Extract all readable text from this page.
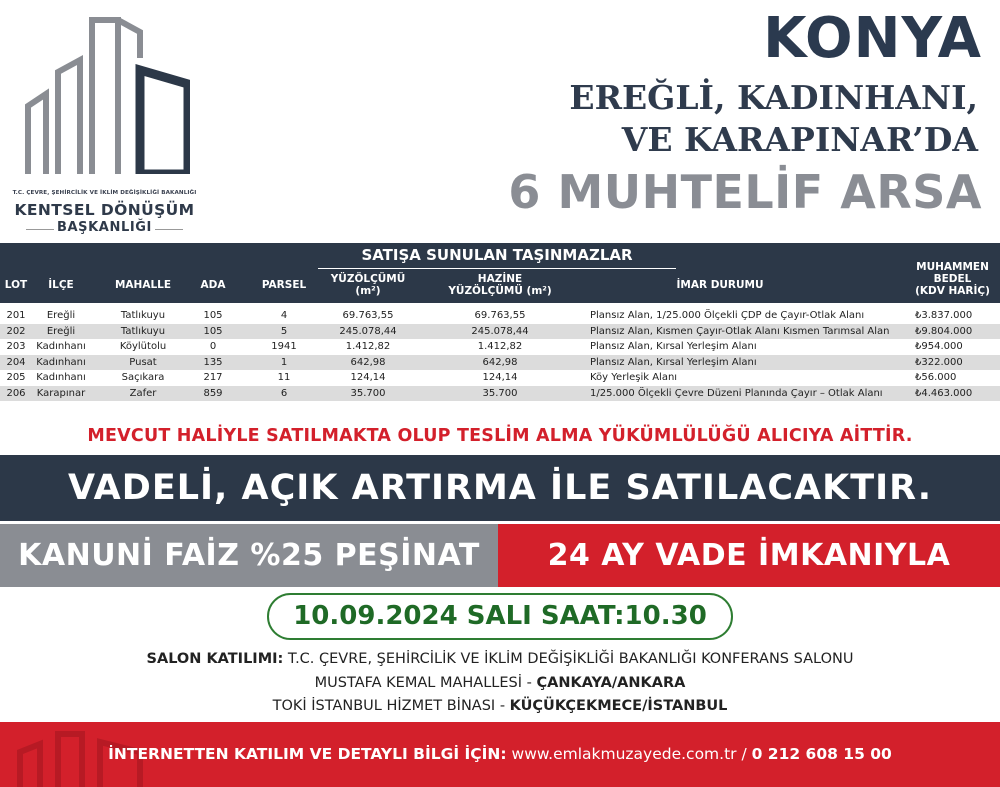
T.C. ÇEVRE, ŞEHİRCİLİK VE İKLİM DEĞİŞİKLİĞİ BAKANLIĞI
KENTSEL DÖNÜŞÜM
BAŞKANLIĞI
KONYA
EREĞLİ, KADINHANI,
VE KARAPINAR’DA
6 MUHTELİF ARSA
SATIŞA SUNULAN TAŞINMAZLAR
LOT	İLÇE	MAHALLE	ADA	PARSEL	YÜZÖLÇÜMÜ
(m²)
HAZİNE
YÜZÖLÇÜMÜ (m²)	İMAR DURUMU
MUHAMMEN
BEDEL
(KDV HARİÇ)
201	Ereğli	Tatlıkuyu	105	4	69.763,55	69.763,55	Plansız Alan, 1/25.000 Ölçekli ÇDP de Çayır-Otlak Alanı	₺3.837.000
202	Ereğli	Tatlıkuyu	105	5	245.078,44	245.078,44	Plansız Alan, Kısmen Çayır-Otlak Alanı Kısmen Tarımsal Alan	₺9.804.000
203	Kadınhanı	Köylütolu	0	1941	1.412,82	1.412,82	Plansız Alan, Kırsal Yerleşim Alanı	₺954.000
204	Kadınhanı	Pusat	135	1	642,98	642,98	Plansız Alan, Kırsal Yerleşim Alanı	₺322.000
205	Kadınhanı	Saçıkara	217	11	124,14	124,14	Köy Yerleşik Alanı	₺56.000
206	Karapınar	Zafer	859	6	35.700	35.700	1/25.000 Ölçekli Çevre Düzeni Planında Çayır – Otlak Alanı	₺4.463.000
MEVCUT HALİYLE SATILMAKTA OLUP TESLİM ALMA YÜKÜMLÜLÜĞÜ ALICIYA AİTTİR.
VADELİ, AÇIK ARTIRMA İLE SATILACAKTIR.
KANUNİ FAİZ %25 PEŞİNAT	24 AY VADE İMKANIYLA
10.09.2024 SALI SAAT:10.30
SALON KATILIMI: T.C. ÇEVRE, ŞEHİRCİLİK VE İKLİM DEĞİŞİKLİĞİ BAKANLIĞI KONFERANS SALONU
MUSTAFA KEMAL MAHALLESİ - ÇANKAYA/ANKARA
TOKİ İSTANBUL HİZMET BİNASI - KÜÇÜKÇEKMECE/İSTANBUL
İNTERNETTEN KATILIM VE DETAYLI BİLGİ İÇİN: www.emlakmuzayede.com.tr / 0 212 608 15 00
